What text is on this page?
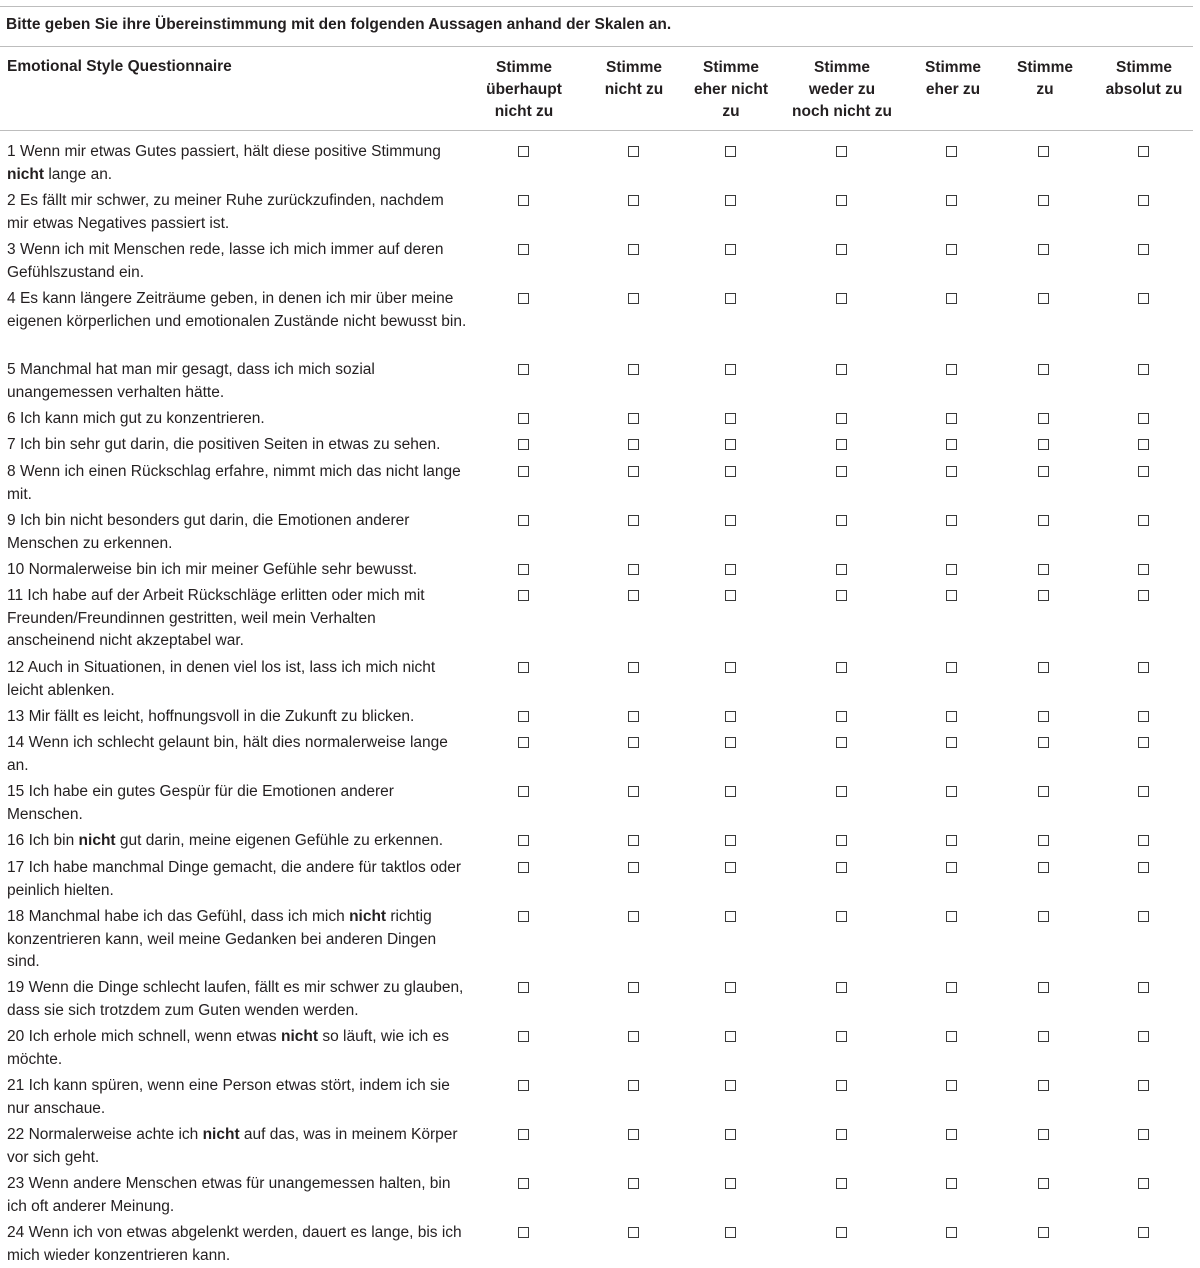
Bitte geben Sie ihre Übereinstimmung mit den folgenden Aussagen anhand der Skalen an.
Emotional Style Questionnaire	Stimme
überhaupt
nicht zu
Stimme
nicht zu
Stimme
eher nicht
zu
Stimme
weder zu
noch nicht zu
Stimme
eher zu
Stimme
zu
Stimme
absolut zu
1 Wenn mir etwas Gutes passiert, hält diese positive Stimmung nicht lange an.
2 Es fällt mir schwer, zu meiner Ruhe zurückzufinden, nachdem mir etwas Negatives passiert ist.
3 Wenn ich mit Menschen rede, lasse ich mich immer auf deren Gefühlszustand ein.
4 Es kann längere Zeiträume geben, in denen ich mir über meine eigenen körperlichen und emotionalen Zustände nicht bewusst bin.
5 Manchmal hat man mir gesagt, dass ich mich sozial unangemessen verhalten hätte.
6 Ich kann mich gut zu konzentrieren.
7 Ich bin sehr gut darin, die positiven Seiten in etwas zu sehen.
8 Wenn ich einen Rückschlag erfahre, nimmt mich das nicht lange mit.
9 Ich bin nicht besonders gut darin, die Emotionen anderer Menschen zu erkennen.
10 Normalerweise bin ich mir meiner Gefühle sehr bewusst.
11 Ich habe auf der Arbeit Rückschläge erlitten oder mich mit Freunden/Freundinnen gestritten, weil mein Verhalten anscheinend nicht akzeptabel war.
12 Auch in Situationen, in denen viel los ist, lass ich mich nicht leicht ablenken.
13 Mir fällt es leicht, hoffnungsvoll in die Zukunft zu blicken.
14 Wenn ich schlecht gelaunt bin, hält dies normalerweise lange an.
15 Ich habe ein gutes Gespür für die Emotionen anderer Menschen.
16 Ich bin nicht gut darin, meine eigenen Gefühle zu erkennen.
17 Ich habe manchmal Dinge gemacht, die andere für taktlos oder peinlich hielten.
18 Manchmal habe ich das Gefühl, dass ich mich nicht richtig konzentrieren kann, weil meine Gedanken bei anderen Dingen sind.
19 Wenn die Dinge schlecht laufen, fällt es mir schwer zu glauben, dass sie sich trotzdem zum Guten wenden werden.
20 Ich erhole mich schnell, wenn etwas nicht so läuft, wie ich es möchte.
21 Ich kann spüren, wenn eine Person etwas stört, indem ich sie nur anschaue.
22 Normalerweise achte ich nicht auf das, was in meinem Körper vor sich geht.
23 Wenn andere Menschen etwas für unangemessen halten, bin ich oft anderer Meinung.
24 Wenn ich von etwas abgelenkt werden, dauert es lange, bis ich mich wieder konzentrieren kann.
